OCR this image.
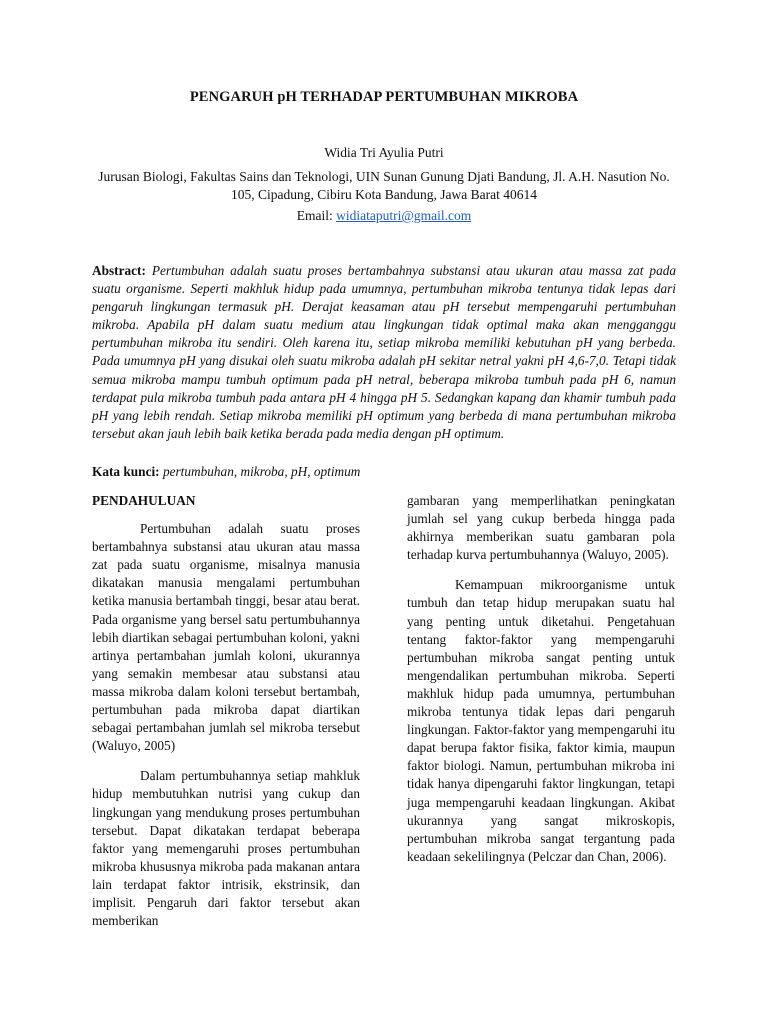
PENGARUH pH TERHADAP PERTUMBUHAN MIKROBA
Widia Tri Ayulia Putri
Jurusan Biologi, Fakultas Sains dan Teknologi, UIN Sunan Gunung Djati Bandung, Jl. A.H. Nasution No. 105, Cipadung, Cibiru Kota Bandung, Jawa Barat 40614
Email: widiataputri@gmail.com
Abstract: Pertumbuhan adalah suatu proses bertambahnya substansi atau ukuran atau massa zat pada suatu organisme. Seperti makhluk hidup pada umumnya, pertumbuhan mikroba tentunya tidak lepas dari pengaruh lingkungan termasuk pH. Derajat keasaman atau pH tersebut mempengaruhi pertumbuhan mikroba. Apabila pH dalam suatu medium atau lingkungan tidak optimal maka akan mengganggu pertumbuhan mikroba itu sendiri. Oleh karena itu, setiap mikroba memiliki kebutuhan pH yang berbeda. Pada umumnya pH yang disukai oleh suatu mikroba adalah pH sekitar netral yakni pH 4,6-7,0. Tetapi tidak semua mikroba mampu tumbuh optimum pada pH netral, beberapa mikroba tumbuh pada pH 6, namun terdapat pula mikroba tumbuh pada antara pH 4 hingga pH 5. Sedangkan kapang dan khamir tumbuh pada pH yang lebih rendah. Setiap mikroba memiliki pH optimum yang berbeda di mana pertumbuhan mikroba tersebut akan jauh lebih baik ketika berada pada media dengan pH optimum.
Kata kunci: pertumbuhan, mikroba, pH, optimum
PENDAHULUAN

Pertumbuhan adalah suatu proses bertambahnya substansi atau ukuran atau massa zat pada suatu organisme, misalnya manusia dikatakan manusia mengalami pertumbuhan ketika manusia bertambah tinggi, besar atau berat. Pada organisme yang bersel satu pertumbuhannya lebih diartikan sebagai pertumbuhan koloni, yakni artinya pertambahan jumlah koloni, ukurannya yang semakin membesar atau substansi atau massa mikroba dalam koloni tersebut bertambah, pertumbuhan pada mikroba dapat diartikan sebagai pertambahan jumlah sel mikroba tersebut (Waluyo, 2005)

Dalam pertumbuhannya setiap mahkluk hidup membutuhkan nutrisi yang cukup dan lingkungan yang mendukung proses pertumbuhan tersebut. Dapat dikatakan terdapat beberapa faktor yang memengaruhi proses pertumbuhan mikroba khususnya mikroba pada makanan antara lain terdapat faktor intrisik, ekstrinsik, dan implisit. Pengaruh dari faktor tersebut akan memberikan

gambaran yang memperlihatkan peningkatan jumlah sel yang cukup berbeda hingga pada akhirnya memberikan suatu gambaran pola terhadap kurva pertumbuhannya (Waluyo, 2005).

Kemampuan mikroorganisme untuk tumbuh dan tetap hidup merupakan suatu hal yang penting untuk diketahui. Pengetahuan tentang faktor-faktor yang mempengaruhi pertumbuhan mikroba sangat penting untuk mengendalikan pertumbuhan mikroba. Seperti makhluk hidup pada umumnya, pertumbuhan mikroba tentunya tidak lepas dari pengaruh lingkungan. Faktor-faktor yang mempengaruhi itu dapat berupa faktor fisika, faktor kimia, maupun faktor biologi. Namun, pertumbuhan mikroba ini tidak hanya dipengaruhi faktor lingkungan, tetapi juga mempengaruhi keadaan lingkungan. Akibat ukurannya yang sangat mikroskopis, pertumbuhan mikroba sangat tergantung pada keadaan sekelilingnya (Pelczar dan Chan, 2006).
